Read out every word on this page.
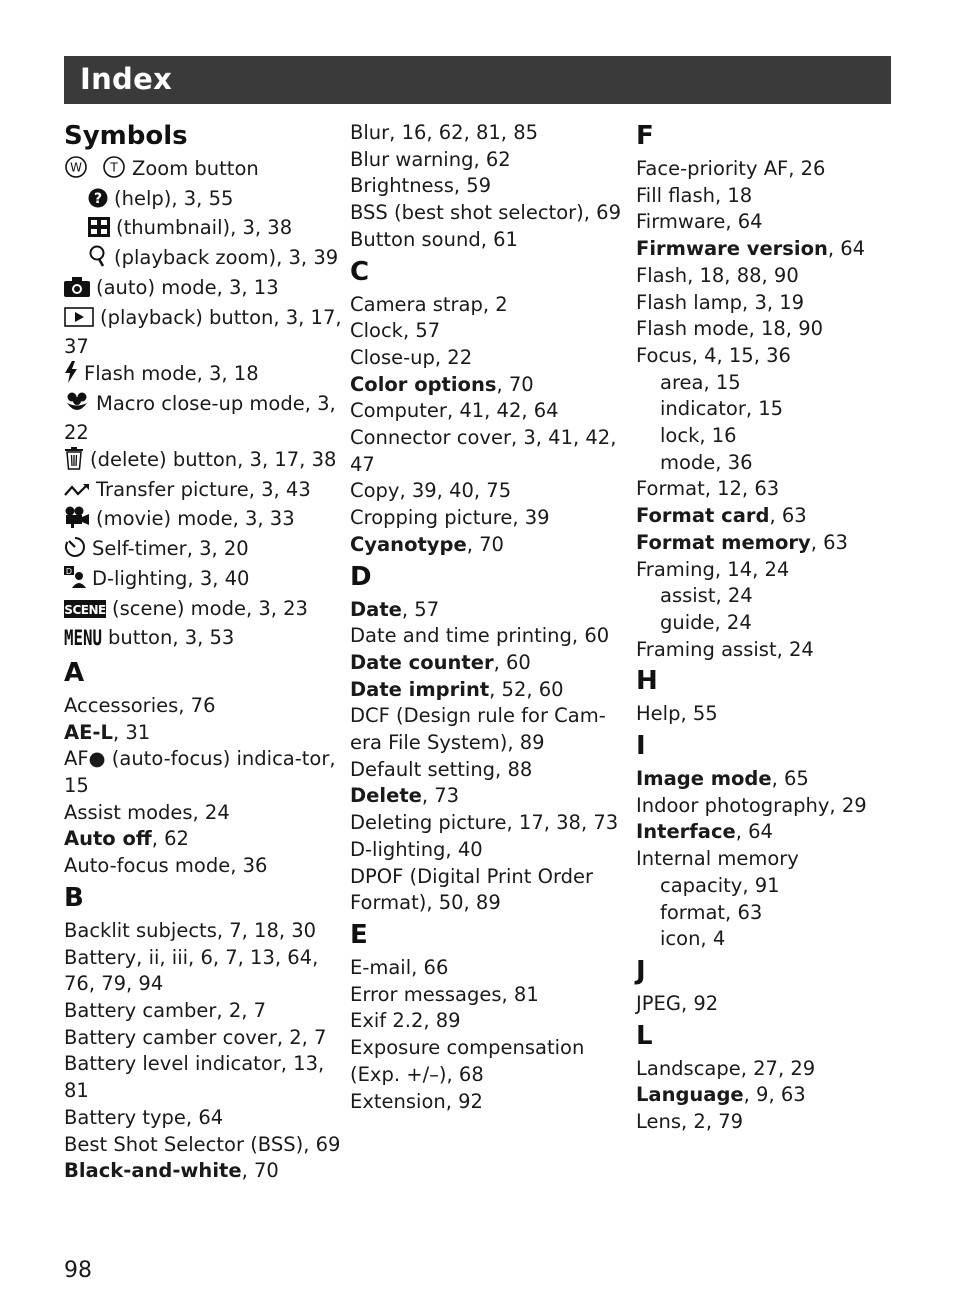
Index
Symbols
W T Zoom button
? (help), 3, 55
(thumbnail), 3, 38
(playback zoom), 3, 39
(auto) mode, 3, 13
(playback) button, 3, 17, 37
Flash mode, 3, 18
Macro close-up mode, 3, 22
(delete) button, 3, 17, 38
Transfer picture, 3, 43
(movie) mode, 3, 33
Self-timer, 3, 20
D D-lighting, 3, 40
SCENE (scene) mode, 3, 23
MENU button, 3, 53
A
Accessories, 76
AE-L, 31
AF● (auto-focus) indica-tor, 15
Assist modes, 24
Auto off, 62
Auto-focus mode, 36
B
Backlit subjects, 7, 18, 30
Battery, ii, iii, 6, 7, 13, 64, 76, 79, 94
Battery camber, 2, 7
Battery camber cover, 2, 7
Battery level indicator, 13, 81
Battery type, 64
Best Shot Selector (BSS), 69
Black-and-white, 70
Blur, 16, 62, 81, 85
Blur warning, 62
Brightness, 59
BSS (best shot selector), 69
Button sound, 61
C
Camera strap, 2
Clock, 57
Close-up, 22
Color options, 70
Computer, 41, 42, 64
Connector cover, 3, 41, 42, 47
Copy, 39, 40, 75
Cropping picture, 39
Cyanotype, 70
D
Date, 57
Date and time printing, 60
Date counter, 60
Date imprint, 52, 60
DCF (Design rule for Cam-era File System), 89
Default setting, 88
Delete, 73
Deleting picture, 17, 38, 73
D-lighting, 40
DPOF (Digital Print Order Format), 50, 89
E
E-mail, 66
Error messages, 81
Exif 2.2, 89
Exposure compensation (Exp. +/–), 68
Extension, 92
F
Face-priority AF, 26
Fill flash, 18
Firmware, 64
Firmware version, 64
Flash, 18, 88, 90
Flash lamp, 3, 19
Flash mode, 18, 90
Focus, 4, 15, 36
area, 15
indicator, 15
lock, 16
mode, 36
Format, 12, 63
Format card, 63
Format memory, 63
Framing, 14, 24
assist, 24
guide, 24
Framing assist, 24
H
Help, 55
I
Image mode, 65
Indoor photography, 29
Interface, 64
Internal memory
capacity, 91
format, 63
icon, 4
J
JPEG, 92
L
Landscape, 27, 29
Language, 9, 63
Lens, 2, 79
98
